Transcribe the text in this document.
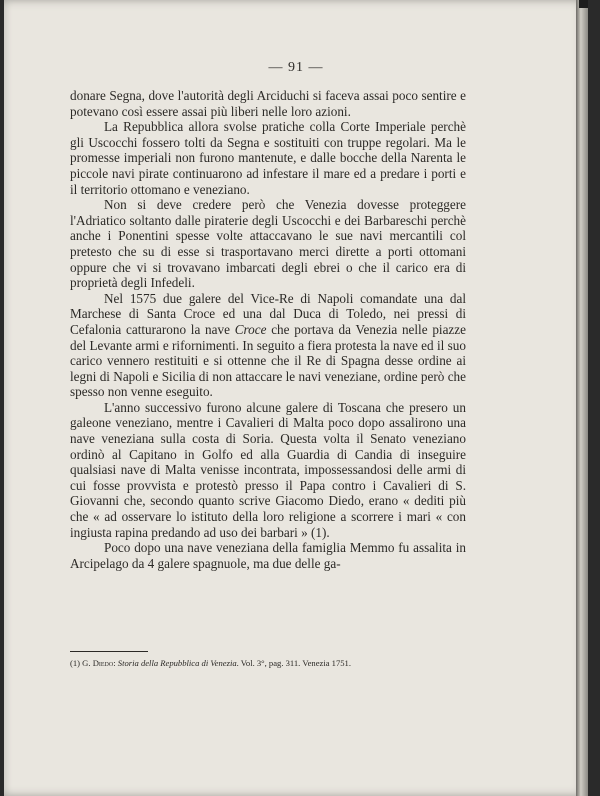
— 91 —

donare Segna, dove l'autorità degli Arciduchi si faceva assai poco sentire e potevano così essere assai più liberi nelle loro azioni.

La Repubblica allora svolse pratiche colla Corte Imperiale perchè gli Uscocchi fossero tolti da Segna e sostituiti con truppe regolari. Ma le promesse imperiali non furono mantenute, e dalle bocche della Narenta le piccole navi pirate continuarono ad infestare il mare ed a predare i porti e il territorio ottomano e veneziano.

Non si deve credere però che Venezia dovesse proteggere l'Adriatico soltanto dalle piraterie degli Uscocchi e dei Barbareschi perchè anche i Ponentini spesse volte attaccavano le sue navi mercantili col pretesto che su di esse si trasportavano merci dirette a porti ottomani oppure che vi si trovavano imbarcati degli ebrei o che il carico era di proprietà degli Infedeli.

Nel 1575 due galere del Vice-Re di Napoli comandate una dal Marchese di Santa Croce ed una dal Duca di Toledo, nei pressi di Cefalonia catturarono la nave Croce che portava da Venezia nelle piazze del Levante armi e rifornimenti. In seguito a fiera protesta la nave ed il suo carico vennero restituiti e si ottenne che il Re di Spagna desse ordine ai legni di Napoli e Sicilia di non attaccare le navi veneziane, ordine però che spesso non venne eseguito.

L'anno successivo furono alcune galere di Toscana che presero un galeone veneziano, mentre i Cavalieri di Malta poco dopo assalirono una nave veneziana sulla costa di Soria. Questa volta il Senato veneziano ordinò al Capitano in Golfo ed alla Guardia di Candia di inseguire qualsiasi nave di Malta venisse incontrata, impossessandosi delle armi di cui fosse provvista e protestò presso il Papa contro i Cavalieri di S. Giovanni che, secondo quanto scrive Giacomo Diedo, erano « dediti più che « ad osservare lo istituto della loro religione a scorrere i mari « con ingiusta rapina predando ad uso dei barbari » (1).

Poco dopo una nave veneziana della famiglia Memmo fu assalita in Arcipelago da 4 galere spagnuole, ma due delle ga-

(1) G. Diedo: Storia della Repubblica di Venezia. Vol. 3°, pag. 311. Venezia 1751.
